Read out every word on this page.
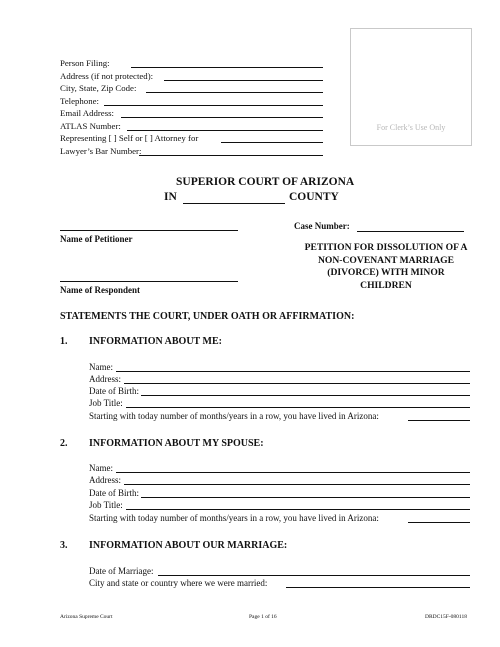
Person Filing:
Address (if not protected):
City, State, Zip Code:
Telephone:
Email Address:
ATLAS Number:
Representing [ ] Self or [ ] Attorney for
Lawyer’s Bar Number:
For Clerk’s Use Only
SUPERIOR COURT OF ARIZONA
IN	COUNTY
Name of Petitioner
Name of Respondent
Case Number:
PETITION FOR DISSOLUTION OF A
NON-COVENANT MARRIAGE
(DIVORCE) WITH MINOR
CHILDREN
STATEMENTS THE COURT, UNDER OATH OR AFFIRMATION:
1. INFORMATION ABOUT ME:
Name:
Address:
Date of Birth:
Job Title:
Starting with today number of months/years in a row, you have lived in Arizona:
2. INFORMATION ABOUT MY SPOUSE:
Name:
Address:
Date of Birth:
Job Title:
Starting with today number of months/years in a row, you have lived in Arizona:
3. INFORMATION ABOUT OUR MARRIAGE:
Date of Marriage:
City and state or country where we were married:
Arizona Supreme Court	Page 1 of 16	DRDC15F-080118
